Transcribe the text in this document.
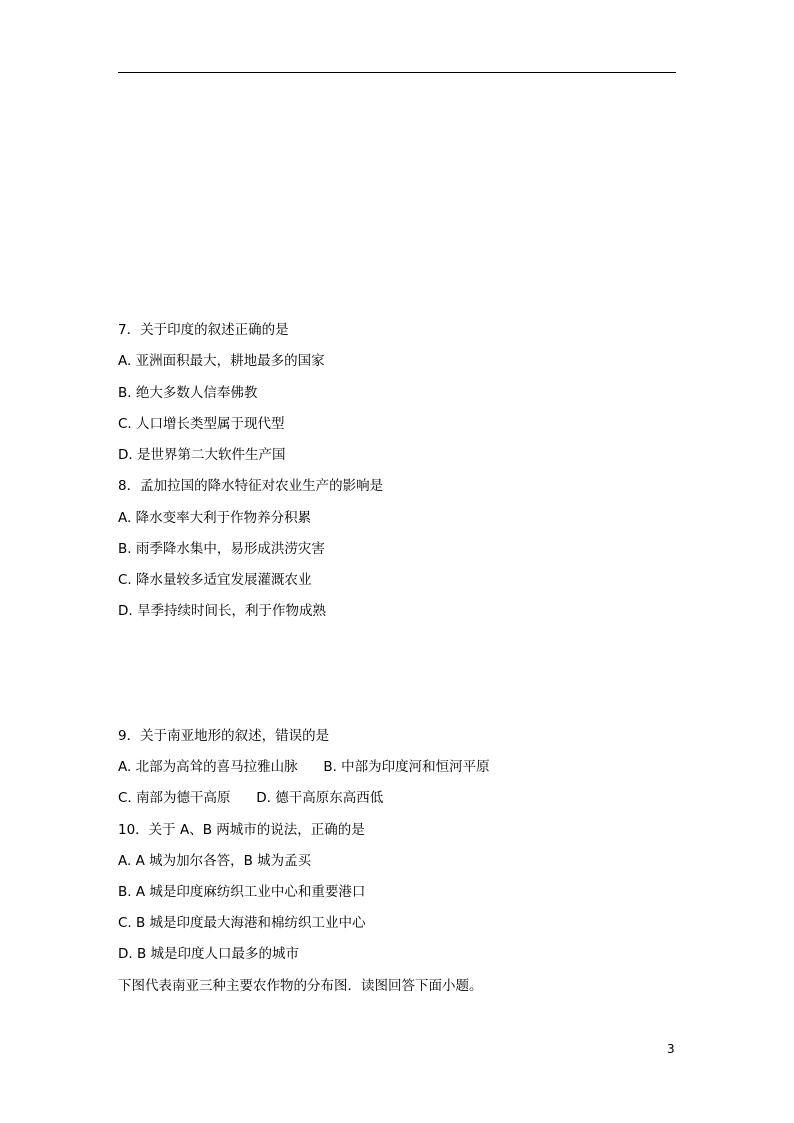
7．关于印度的叙述正确的是
A. 亚洲面积最大，耕地最多的国家
B. 绝大多数人信奉佛教
C. 人口增长类型属于现代型
D. 是世界第二大软件生产国
8．孟加拉国的降水特征对农业生产的影响是
A. 降水变率大利于作物养分积累
B. 雨季降水集中，易形成洪涝灾害
C. 降水量较多适宜发展灌溉农业
D. 旱季持续时间长，利于作物成熟
9．关于南亚地形的叙述，错误的是
A. 北部为高耸的喜马拉雅山脉      B. 中部为印度河和恒河平原
C. 南部为德干高原      D. 德干高原东高西低
10．关于 A、B 两城市的说法，正确的是
A. A 城为加尔各答，B 城为孟买
B. A 城是印度麻纺织工业中心和重要港口
C. B 城是印度最大海港和棉纺织工业中心
D. B 城是印度人口最多的城市
下图代表南亚三种主要农作物的分布图．读图回答下面小题。
3
